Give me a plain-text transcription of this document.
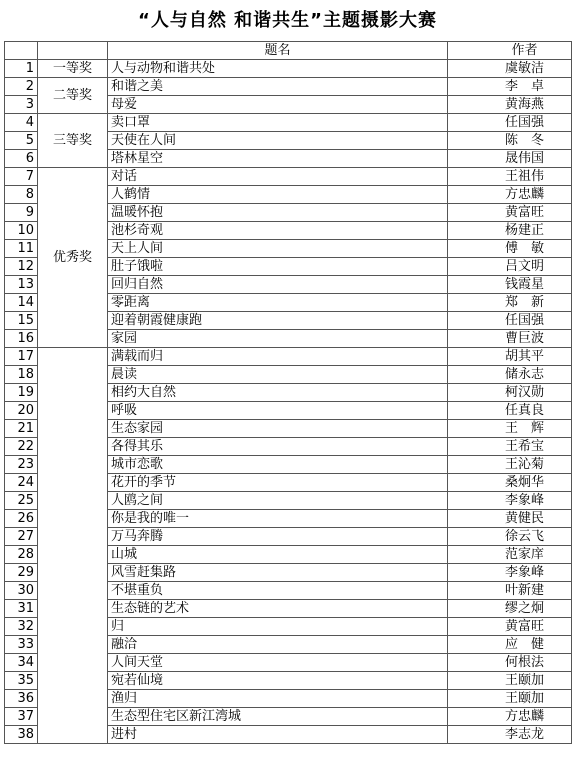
“人与自然 和谐共生”主题摄影大赛
		题名	作者
1	一等奖	人与动物和谐共处	虞敏洁
2	二等奖	和谐之美	李　卓
3		母爱	黄海燕
4	三等奖	卖口罩	任国强
5		天使在人间	陈　冬
6		塔林星空	晟伟国
7	优秀奖	对话	王祖伟
8		人鹤情	方忠麟
9		温暖怀抱	黄富旺
10		池杉奇观	杨建正
11		天上人间	傅　敏
12		肚子饿啦	吕文明
13		回归自然	钱霞星
14		零距离	郑　新
15		迎着朝霞健康跑	任国强
16		家园	曹巨波
17		满载而归	胡其平
18		晨读	储永志
19		相约大自然	柯汉勋
20		呼吸	任真良
21		生态家园	王　辉
22		各得其乐	王希宝
23		城市恋歌	王沁菊
24		花开的季节	桑炯华
25		人鸥之间	李象峰
26		你是我的唯一	黄健民
27		万马奔腾	徐云飞
28		山城	范家庠
29		风雪赶集路	李象峰
30		不堪重负	叶新建
31		生态链的艺术	缪之炯
32		归	黄富旺
33		融洽	应　健
34		人间天堂	何根法
35		宛若仙境	王颐加
36		渔归	王颐加
37		生态型住宅区新江湾城	方忠麟
38		进村	李志龙
